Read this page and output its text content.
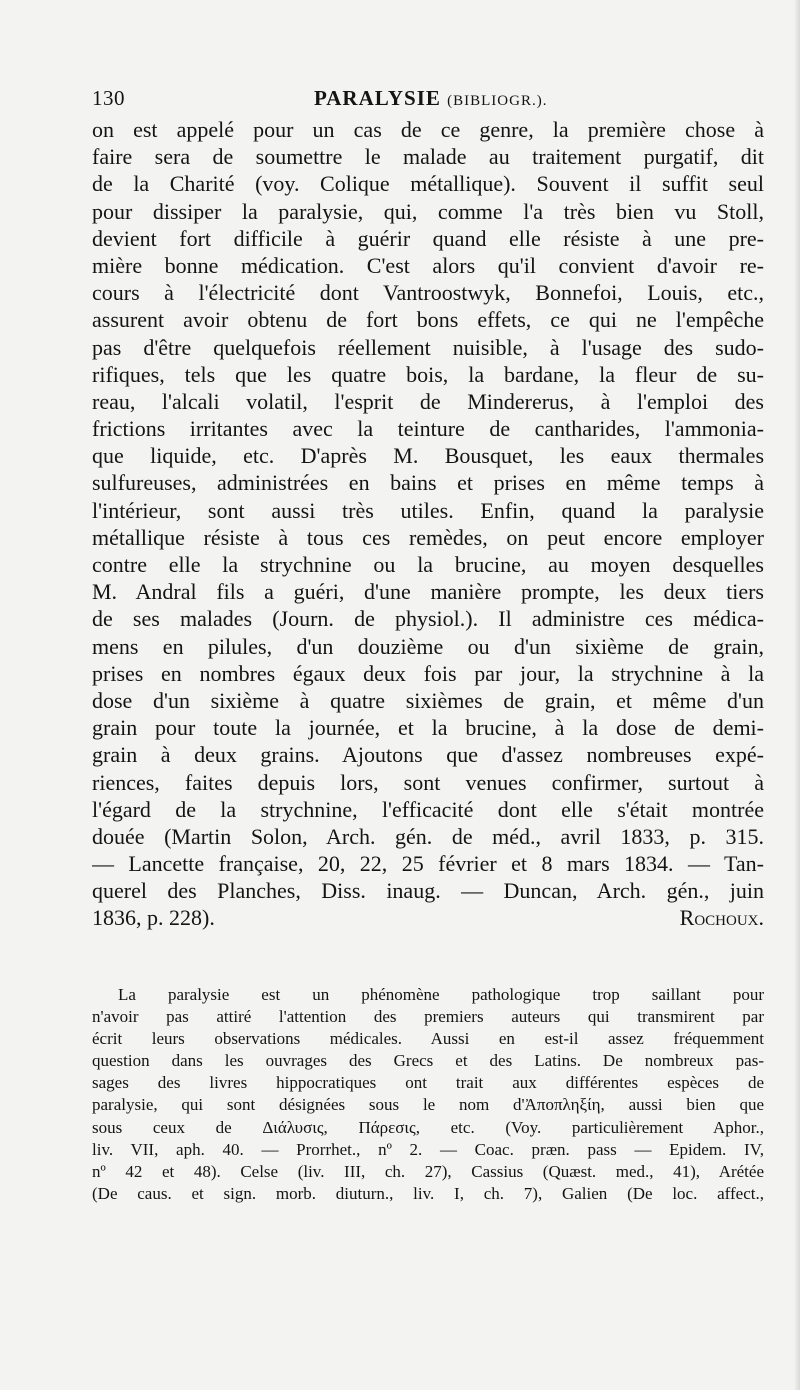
130	PARALYSIE (BIBLIOGR.).
on est appelé pour un cas de ce genre, la première chose à
faire sera de soumettre le malade au traitement purgatif, dit
de la Charité (voy. Colique métallique). Souvent il suffit seul
pour dissiper la paralysie, qui, comme l'a très bien vu Stoll,
devient fort difficile à guérir quand elle résiste à une pre-
mière bonne médication. C'est alors qu'il convient d'avoir re-
cours à l'électricité dont Vantroostwyk, Bonnefoi, Louis, etc.,
assurent avoir obtenu de fort bons effets, ce qui ne l'empêche
pas d'être quelquefois réellement nuisible, à l'usage des sudo-
rifiques, tels que les quatre bois, la bardane, la fleur de su-
reau, l'alcali volatil, l'esprit de Mindererus, à l'emploi des
frictions irritantes avec la teinture de cantharides, l'ammonia-
que liquide, etc. D'après M. Bousquet, les eaux thermales
sulfureuses, administrées en bains et prises en même temps à
l'intérieur, sont aussi très utiles. Enfin, quand la paralysie
métallique résiste à tous ces remèdes, on peut encore employer
contre elle la strychnine ou la brucine, au moyen desquelles
M. Andral fils a guéri, d'une manière prompte, les deux tiers
de ses malades (Journ. de physiol.). Il administre ces médica-
mens en pilules, d'un douzième ou d'un sixième de grain,
prises en nombres égaux deux fois par jour, la strychnine à la
dose d'un sixième à quatre sixièmes de grain, et même d'un
grain pour toute la journée, et la brucine, à la dose de demi-
grain à deux grains. Ajoutons que d'assez nombreuses expé-
riences, faites depuis lors, sont venues confirmer, surtout à
l'égard de la strychnine, l'efficacité dont elle s'était montrée
douée (Martin Solon, Arch. gén. de méd., avril 1833, p. 315.
— Lancette française, 20, 22, 25 février et 8 mars 1834. — Tan-
querel des Planches, Diss. inaug. — Duncan, Arch. gén., juin
1836, p. 228).	Rochoux.
La paralysie est un phénomène pathologique trop saillant pour
n'avoir pas attiré l'attention des premiers auteurs qui transmirent par
écrit leurs observations médicales. Aussi en est-il assez fréquemment
question dans les ouvrages des Grecs et des Latins. De nombreux pas-
sages des livres hippocratiques ont trait aux différentes espèces de
paralysie, qui sont désignées sous le nom d'Ἀποπληξίη, aussi bien que
sous ceux de Διάλυσις, Πάρεσις, etc. (Voy. particulièrement Aphor.,
liv. VII, aph. 40. — Prorrhet., nº 2. — Coac. præn. pass — Epidem. IV,
nº 42 et 48). Celse (liv. III, ch. 27), Cassius (Quæst. med., 41), Arétée
(De caus. et sign. morb. diuturn., liv. I, ch. 7), Galien (De loc. affect.,
